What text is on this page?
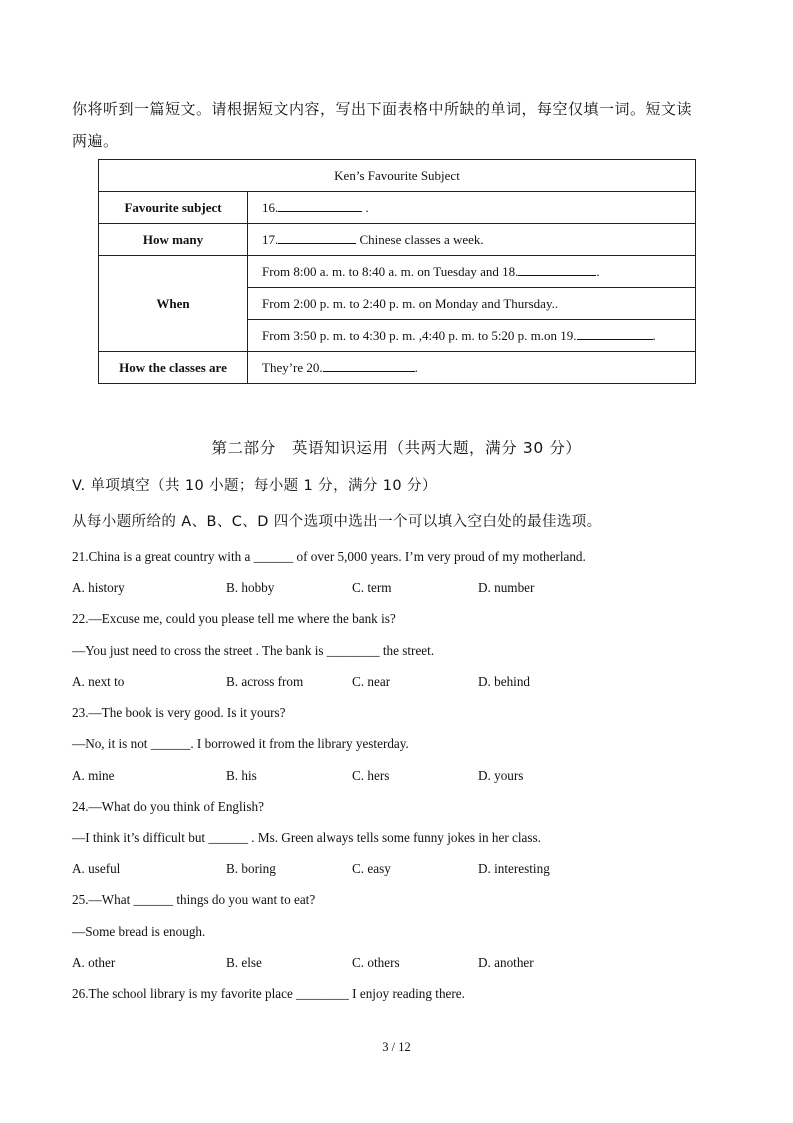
你将听到一篇短文。请根据短文内容，写出下面表格中所缺的单词，每空仅填一词。短文读
两遍。
Ken’s Favourite Subject	
Favourite subject	16. .
How many	17. Chinese classes a week.
When	From 8:00 a. m. to 8:40 a. m. on Tuesday and 18. .
	From 2:00 p. m. to 2:40 p. m. on Monday and Thursday..
	From 3:50 p. m. to 4:30 p. m. ,4:40 p. m. to 5:20 p. m.on 19. .
How the classes are	They’re 20. .
第二部分　英语知识运用（共两大题，满分 30 分）
V. 单项填空（共 10 小题；每小题 1 分，满分 10 分）
从每小题所给的 A、B、C、D 四个选项中选出一个可以填入空白处的最佳选项。
21.China is a great country with a ______ of over 5,000 years. I’m very proud of my motherland.
A. history	B. hobby	C. term	D. number
22.—Excuse me, could you please tell me where the bank is?
—You just need to cross the street . The bank is ________ the street.
A. next to	B. across from	C. near	D. behind
23.—The book is very good. Is it yours?
—No, it is not ______. I borrowed it from the library yesterday.
A. mine	B. his	C. hers	D. yours
24.—What do you think of English?
—I think it’s difficult but ______ . Ms. Green always tells some funny jokes in her class.
A. useful	B. boring	C. easy	D. interesting
25.—What ______ things do you want to eat?
—Some bread is enough.
A. other	B. else	C. others	D. another
26.The school library is my favorite place ________ I enjoy reading there.
3 / 12
